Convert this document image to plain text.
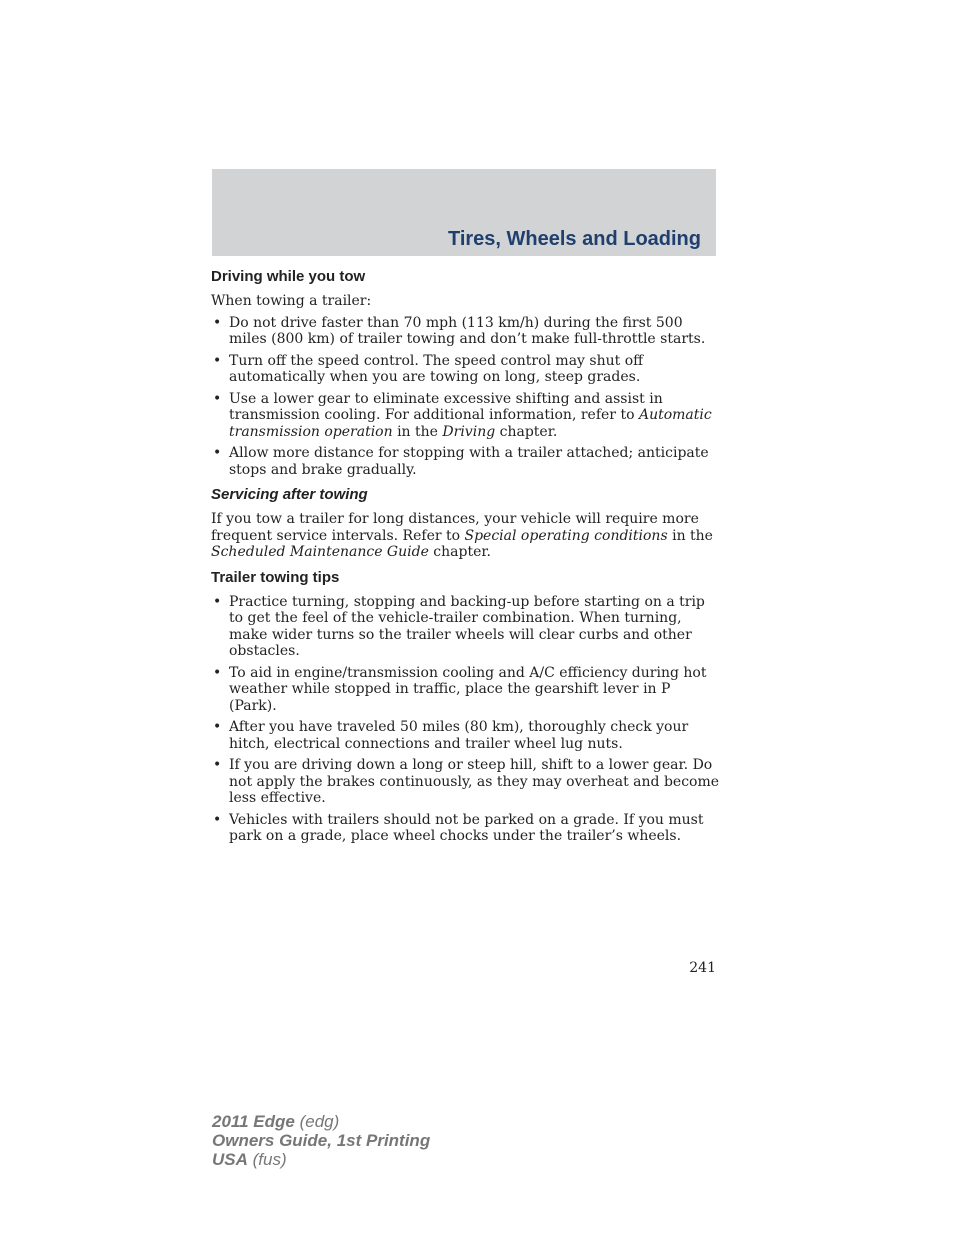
Tires, Wheels and Loading
Driving while you tow

When towing a trailer:

• Do not drive faster than 70 mph (113 km/h) during the first 500 miles (800 km) of trailer towing and don’t make full-throttle starts.
• Turn off the speed control. The speed control may shut off automatically when you are towing on long, steep grades.
• Use a lower gear to eliminate excessive shifting and assist in transmission cooling. For additional information, refer to Automatic transmission operation in the Driving chapter.
• Allow more distance for stopping with a trailer attached; anticipate stops and brake gradually.
Servicing after towing

If you tow a trailer for long distances, your vehicle will require more frequent service intervals. Refer to Special operating conditions in the Scheduled Maintenance Guide chapter.

Trailer towing tips
• Practice turning, stopping and backing-up before starting on a trip to get the feel of the vehicle-trailer combination. When turning, make wider turns so the trailer wheels will clear curbs and other obstacles.
• To aid in engine/transmission cooling and A/C efficiency during hot weather while stopped in traffic, place the gearshift lever in P (Park).
• After you have traveled 50 miles (80 km), thoroughly check your hitch, electrical connections and trailer wheel lug nuts.
• If you are driving down a long or steep hill, shift to a lower gear. Do not apply the brakes continuously, as they may overheat and become less effective.
• Vehicles with trailers should not be parked on a grade. If you must park on a grade, place wheel chocks under the trailer’s wheels.
241
2011 Edge (edg)
Owners Guide, 1st Printing
USA (fus)
